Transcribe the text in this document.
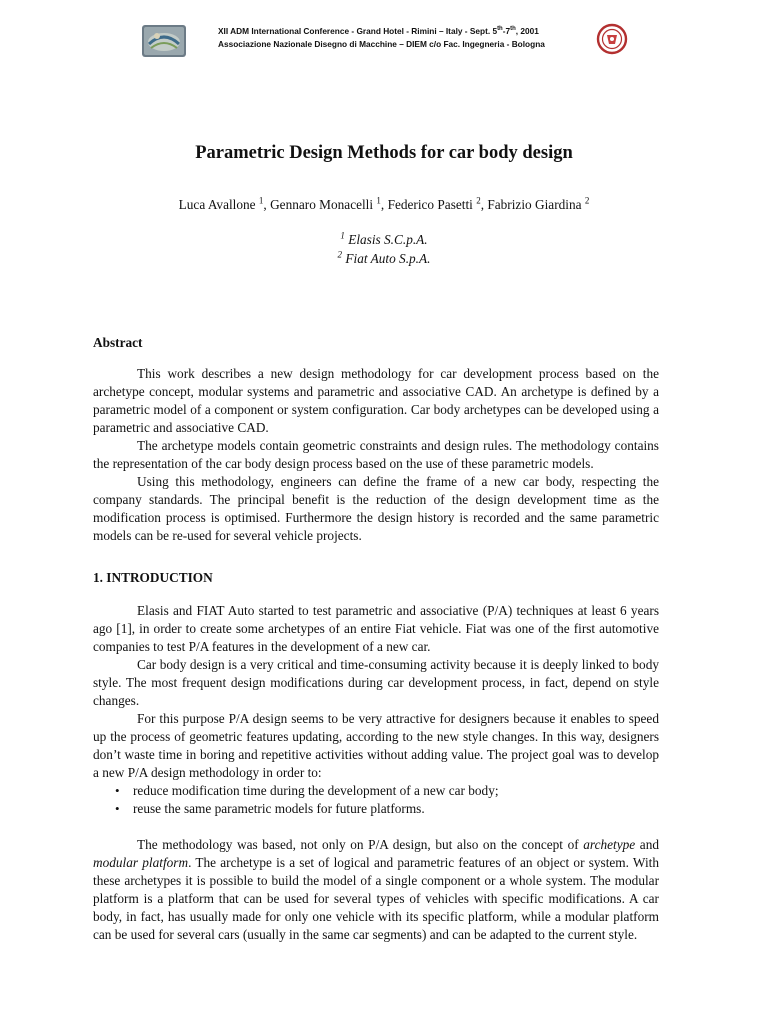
XII ADM International Conference - Grand Hotel - Rimini – Italy - Sept. 5th-7th, 2001
Associazione Nazionale Disegno di Macchine – DIEM c/o Fac. Ingegneria - Bologna
Parametric Design Methods for car body design
Luca Avallone $^1$, Gennaro Monacelli $^1$, Federico Pasetti $^2$, Fabrizio Giardina $^2$
$^1$ Elasis S.C.p.A.
$^2$ Fiat Auto S.p.A.

Abstract

This work describes a new design methodology for car development process based on the archetype concept, modular systems and parametric and associative CAD. An archetype is defined by a parametric model of a component or system configuration. Car body archetypes can be developed using a parametric and associative CAD.

The archetype models contain geometric constraints and design rules. The methodology contains the representation of the car body design process based on the use of these parametric models.

Using this methodology, engineers can define the frame of a new car body, respecting the company standards. The principal benefit is the reduction of the design development time as the modification process is optimised. Furthermore the design history is recorded and the same parametric models can be re-used for several vehicle projects.

1. INTRODUCTION

Elasis and FIAT Auto started to test parametric and associative (P/A) techniques at least 6 years ago [1], in order to create some archetypes of an entire Fiat vehicle. Fiat was one of the first automotive companies to test P/A features in the development of a new car.

Car body design is a very critical and time-consuming activity because it is deeply linked to body style. The most frequent design modifications during car development process, in fact, depend on style changes.

For this purpose P/A design seems to be very attractive for designers because it enables to speed up the process of geometric features updating, according to the new style changes. In this way, designers don’t waste time in boring and repetitive activities without adding value. The project goal was to develop a new P/A design methodology in order to:

• reduce modification time during the development of a new car body;
• reuse the same parametric models for future platforms.

The methodology was based, not only on P/A design, but also on the concept of archetype and modular platform. The archetype is a set of logical and parametric features of an object or system. With these archetypes it is possible to build the model of a single component or a whole system. The modular platform is a platform that can be used for several types of vehicles with specific modifications. A car body, in fact, has usually made for only one vehicle with its specific platform, while a modular platform can be used for several cars (usually in the same car segments) and can be adapted to the current style.
